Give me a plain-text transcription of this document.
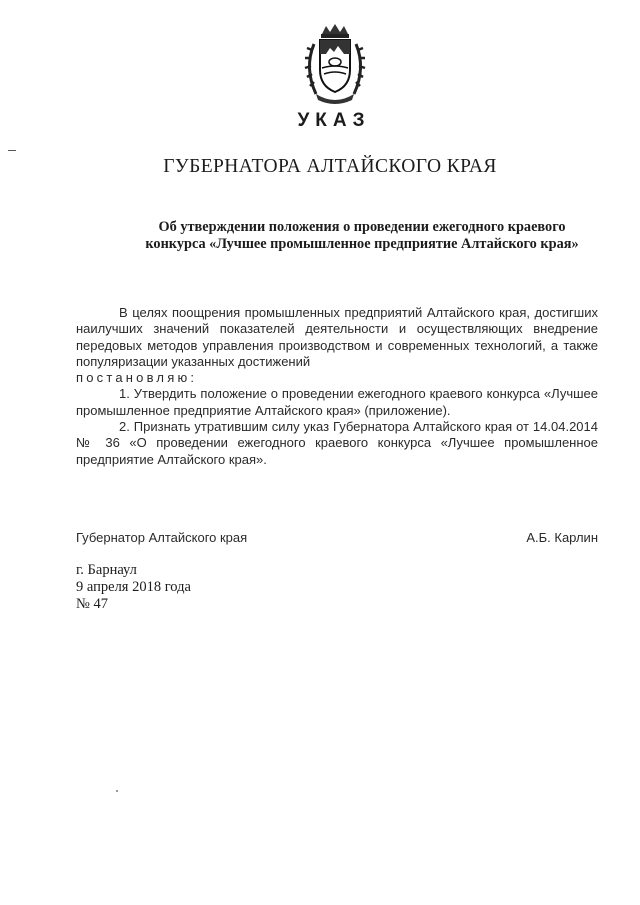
УКАЗ
ГУБЕРНАТОРА АЛТАЙСКОГО КРАЯ
Об утверждении положения о проведении ежегодного краевого
конкурса «Лучшее промышленное предприятие Алтайского края»

В целях поощрения промышленных предприятий Алтайского края, достигших наилучших значений показателей деятельности и осуществляющих внедрение передовых методов управления производством и современных технологий, а также популяризации указанных достижений

постановляю:

1. Утвердить положение о проведении ежегодного краевого конкурса «Лучшее промышленное предприятие Алтайского края» (приложение).

2. Признать утратившим силу указ Губернатора Алтайского края от 14.04.2014 № 36 «О проведении ежегодного краевого конкурса «Лучшее промышленное предприятие Алтайского края».

Губернатор Алтайского края	А.Б. Карлин
г. Барнаул
9 апреля 2018 года
№ 47
